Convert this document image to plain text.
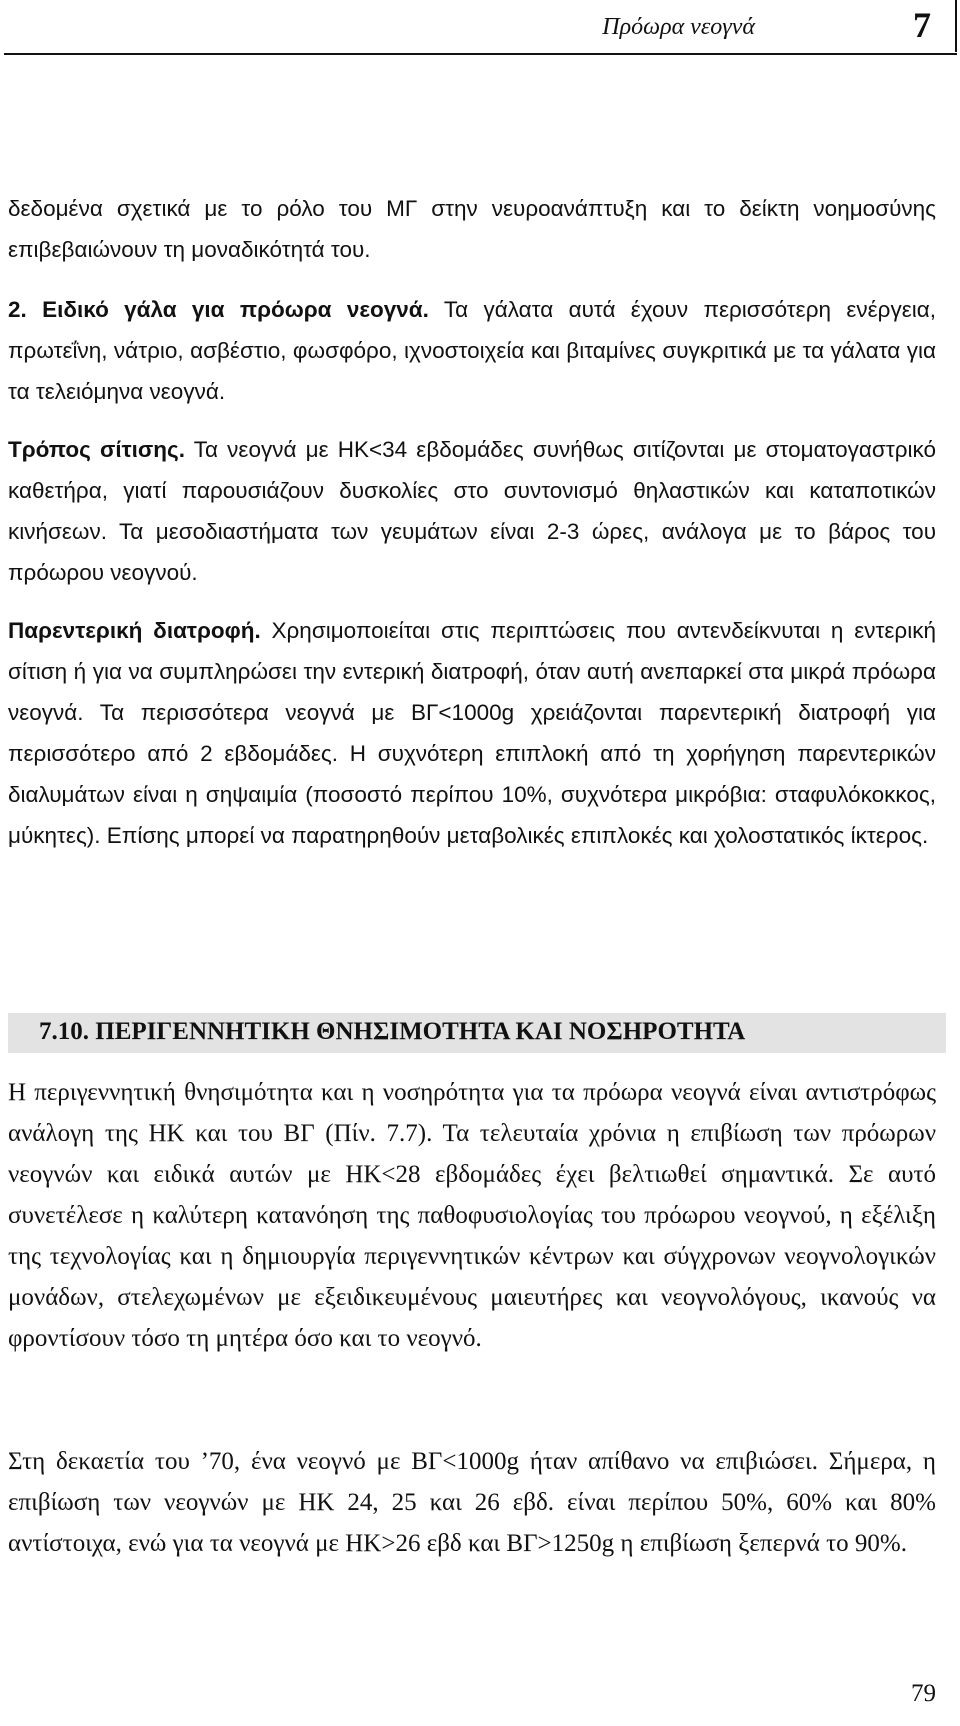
Πρόωρα νεογνά	7

δεδομένα σχετικά με το ρόλο του ΜΓ στην νευροανάπτυξη και το δείκτη νοημοσύνης επιβεβαιώνουν τη μοναδικότητά του.

2. Ειδικό γάλα για πρόωρα νεογνά. Τα γάλατα αυτά έχουν περισσότερη ενέργεια, πρωτεΐνη, νάτριο, ασβέστιο, φωσφόρο, ιχνοστοιχεία και βιταμίνες συγκριτικά με τα γάλατα για τα τελειόμηνα νεογνά.

Τρόπος σίτισης. Τα νεογνά με ΗΚ<34 εβδομάδες συνήθως σιτίζονται με στοματογαστρικό καθετήρα, γιατί παρουσιάζουν δυσκολίες στο συντονισμό θηλαστικών και καταποτικών κινήσεων. Τα μεσοδιαστήματα των γευμάτων είναι 2-3 ώρες, ανάλογα με το βάρος του πρόωρου νεογνού.

Παρεντερική διατροφή. Χρησιμοποιείται στις περιπτώσεις που αντενδείκνυται η εντερική σίτιση ή για να συμπληρώσει την εντερική διατροφή, όταν αυτή ανεπαρκεί στα μικρά πρόωρα νεογνά. Τα περισσότερα νεογνά με ΒΓ<1000g χρειάζονται παρεντερική διατροφή για περισσότερο από 2 εβδομάδες. Η συχνότερη επιπλοκή από τη χορήγηση παρεντερικών διαλυμάτων είναι η σηψαιμία (ποσοστό περίπου 10%, συχνότερα μικρόβια: σταφυλόκοκκος, μύκητες). Επίσης μπορεί να παρατηρηθούν μεταβολικές επιπλοκές και χολοστατικός ίκτερος.

7.10. ΠΕΡΙΓΕΝΝΗΤΙΚΗ ΘΝΗΣΙΜΟΤΗΤΑ ΚΑΙ ΝΟΣΗΡΟΤΗΤΑ

Η περιγεννητική θνησιμότητα και η νοσηρότητα για τα πρόωρα νεογνά είναι αντιστρόφως ανάλογη της ΗΚ και του ΒΓ (Πίν. 7.7). Τα τελευταία χρόνια η επιβίωση των πρόωρων νεογνών και ειδικά αυτών με ΗΚ<28 εβδομάδες έχει βελτιωθεί σημαντικά. Σε αυτό συνετέλεσε η καλύτερη κατανόηση της παθοφυσιολογίας του πρόωρου νεογνού, η εξέλιξη της τεχνολογίας και η δημιουργία περιγεννητικών κέντρων και σύγχρονων νεογνολογικών μονάδων, στελεχωμένων με εξειδικευμένους μαιευτήρες και νεογνολόγους, ικανούς να φροντίσουν τόσο τη μητέρα όσο και το νεογνό.

Στη δεκαετία του ’70, ένα νεογνό με ΒΓ<1000g ήταν απίθανο να επιβιώσει. Σήμερα, η επιβίωση των νεογνών με ΗΚ 24, 25 και 26 εβδ. είναι περίπου 50%, 60% και 80% αντίστοιχα, ενώ για τα νεογνά με ΗΚ>26 εβδ και ΒΓ>1250g η επιβίωση ξεπερνά το 90%.

79
